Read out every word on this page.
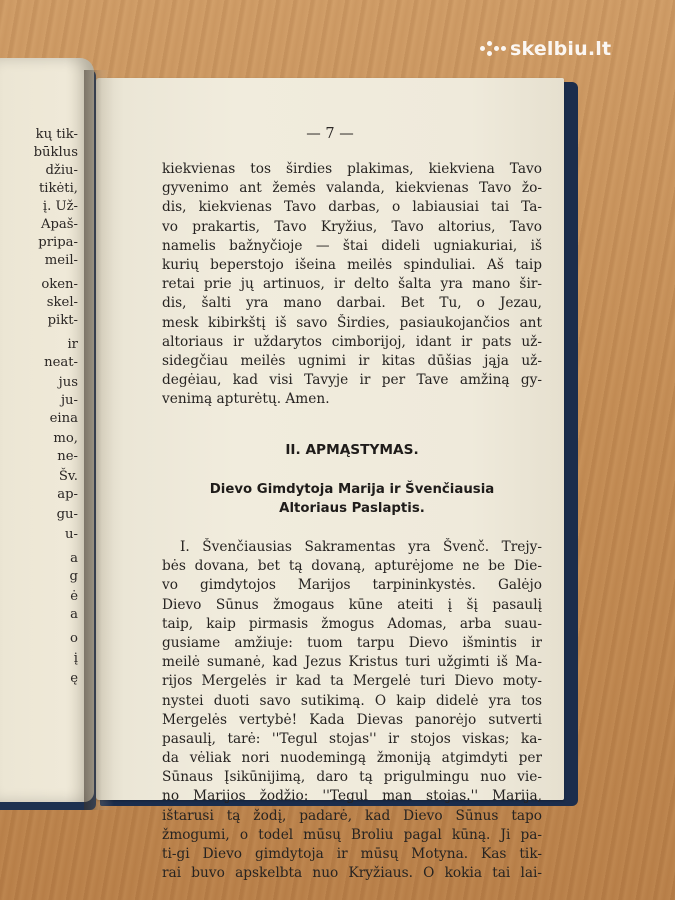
skelbiu.lt
kų tik-
būklus
džiu-
tikėti,
į. Už-
Apaš-
pripa-
meil-
oken-
skel-
pikt-
ir
neat-
jus
ju-
eina
mo,
ne-
Šv.
ap-
gu-
u-
a
g
ė
a
o
į
ę
— 7 —
kiekvienas tos širdies plakimas, kiekviena Tavo
gyvenimo ant žemės valanda, kiekvienas Tavo žo-
dis, kiekvienas Tavo darbas, o labiausiai tai Ta-
vo prakartis, Tavo Kryžius, Tavo altorius, Tavo
namelis bažnyčioje — štai dideli ugniakuriai, iš
kurių beperstojo išeina meilės spinduliai. Aš taip
retai prie jų artinuos, ir delto šalta yra mano šir-
dis, šalti yra mano darbai. Bet Tu, o Jezau,
mesk kibirkštį iš savo Širdies, pasiaukojančios ant
altoriaus ir uždarytos cimborijoj, idant ir pats už-
sidegčiau meilės ugnimi ir kitas dūšias jąja už-
degėiau, kad visi Tavyje ir per Tave amžiną gy-
venimą apturėtų. Amen.
II. APMĄSTYMAS.
Dievo Gimdytoja Marija ir Švenčiausia
Altoriaus Paslaptis.
I. Švenčiausias Sakramentas yra Švenč. Trejy-
bės dovana, bet tą dovaną, apturėjome ne be Die-
vo gimdytojos Marijos tarpininkystės. Galėjo
Dievo Sūnus žmogaus kūne ateiti į šį pasaulį
taip, kaip pirmasis žmogus Adomas, arba suau-
gusiame amžiuje: tuom tarpu Dievo išmintis ir
meilė sumanė, kad Jezus Kristus turi užgimti iš Ma-
rijos Mergelės ir kad ta Mergelė turi Dievo moty-
nystei duoti savo sutikimą. O kaip didelė yra tos
Mergelės vertybė! Kada Dievas panorėjo sutverti
pasaulį, tarė: ''Tegul stojas'' ir stojos viskas; ka-
da vėliak nori nuodemingą žmoniją atgimdyti per
Sūnaus Įsikūnijimą, daro tą prigulmingu nuo vie-
no Marijos žodžio: ''Tegul man stojas.'' Marija,
ištarusi tą žodį, padarė, kad Dievo Sūnus tapo
žmogumi, o todel mūsų Broliu pagal kūną. Ji pa-
ti-gi Dievo gimdytoja ir mūsų Motyna. Kas tik-
rai buvo apskelbta nuo Kryžiaus. O kokia tai lai-
